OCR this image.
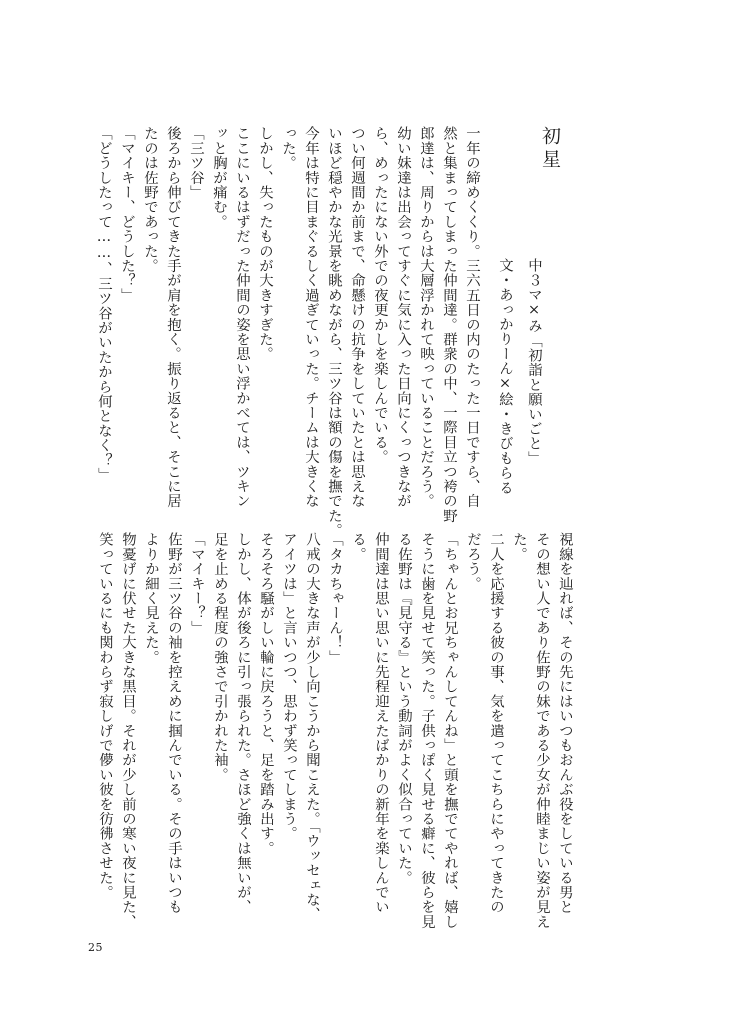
初星
中３マ×み「初詣と願いごと」
文・あっかりーん×絵・きびもらる
一年の締めくくり。三六五日の内のたった一日ですら、自
然と集まってしまった仲間達。群衆の中、一際目立つ袴の野
郎達は、周りからは大層浮かれて映っていることだろう。
幼い妹達は出会ってすぐに気に入った日向にくっつきなが
ら、めったにない外での夜更かしを楽しんでいる。
つい何週間か前まで、命懸けの抗争をしていたとは思えな
いほど穏やかな光景を眺めながら、三ツ谷は額の傷を撫でた。
今年は特に目まぐるしく過ぎていった。チームは大きくな
った。
しかし、失ったものが大きすぎた。
ここにいるはずだった仲間の姿を思い浮かべては、ツキン
ッと胸が痛む。
「三ツ谷」
後ろから伸びてきた手が肩を抱く。振り返ると、そこに居
たのは佐野であった。
「マイキー、どうした？」
「どうしたって……、三ツ谷がいたから何となく？」
視線を辿れば、その先にはいつもおんぶ役をしている男と
その想い人であり佐野の妹である少女が仲睦まじい姿が見え
た。
二人を応援する彼の事、気を遣ってこちらにやってきたの
だろう。
「ちゃんとお兄ちゃんしてんね」と頭を撫でてやれば、嬉し
そうに歯を見せて笑った。子供っぽく見せる癖に、彼らを見
る佐野は『見守る』という動詞がよく似合っていた。
仲間達は思い思いに先程迎えたばかりの新年を楽しんでい
る。
「タカちゃーん！」
八戒の大きな声が少し向こうから聞こえた。「ウッセェな、
アイツは」と言いつつ、思わず笑ってしまう。
そろそろ騒がしい輪に戻ろうと、足を踏み出す。
しかし、体が後ろに引っ張られた。さほど強くは無いが、
足を止める程度の強さで引かれた袖。
「マイキー？」
佐野が三ツ谷の袖を控えめに掴んでいる。その手はいつも
よりか細く見えた。
物憂げに伏せた大きな黒目。それが少し前の寒い夜に見た、
笑っているにも関わらず寂しげで儚い彼を彷彿させた。
25
